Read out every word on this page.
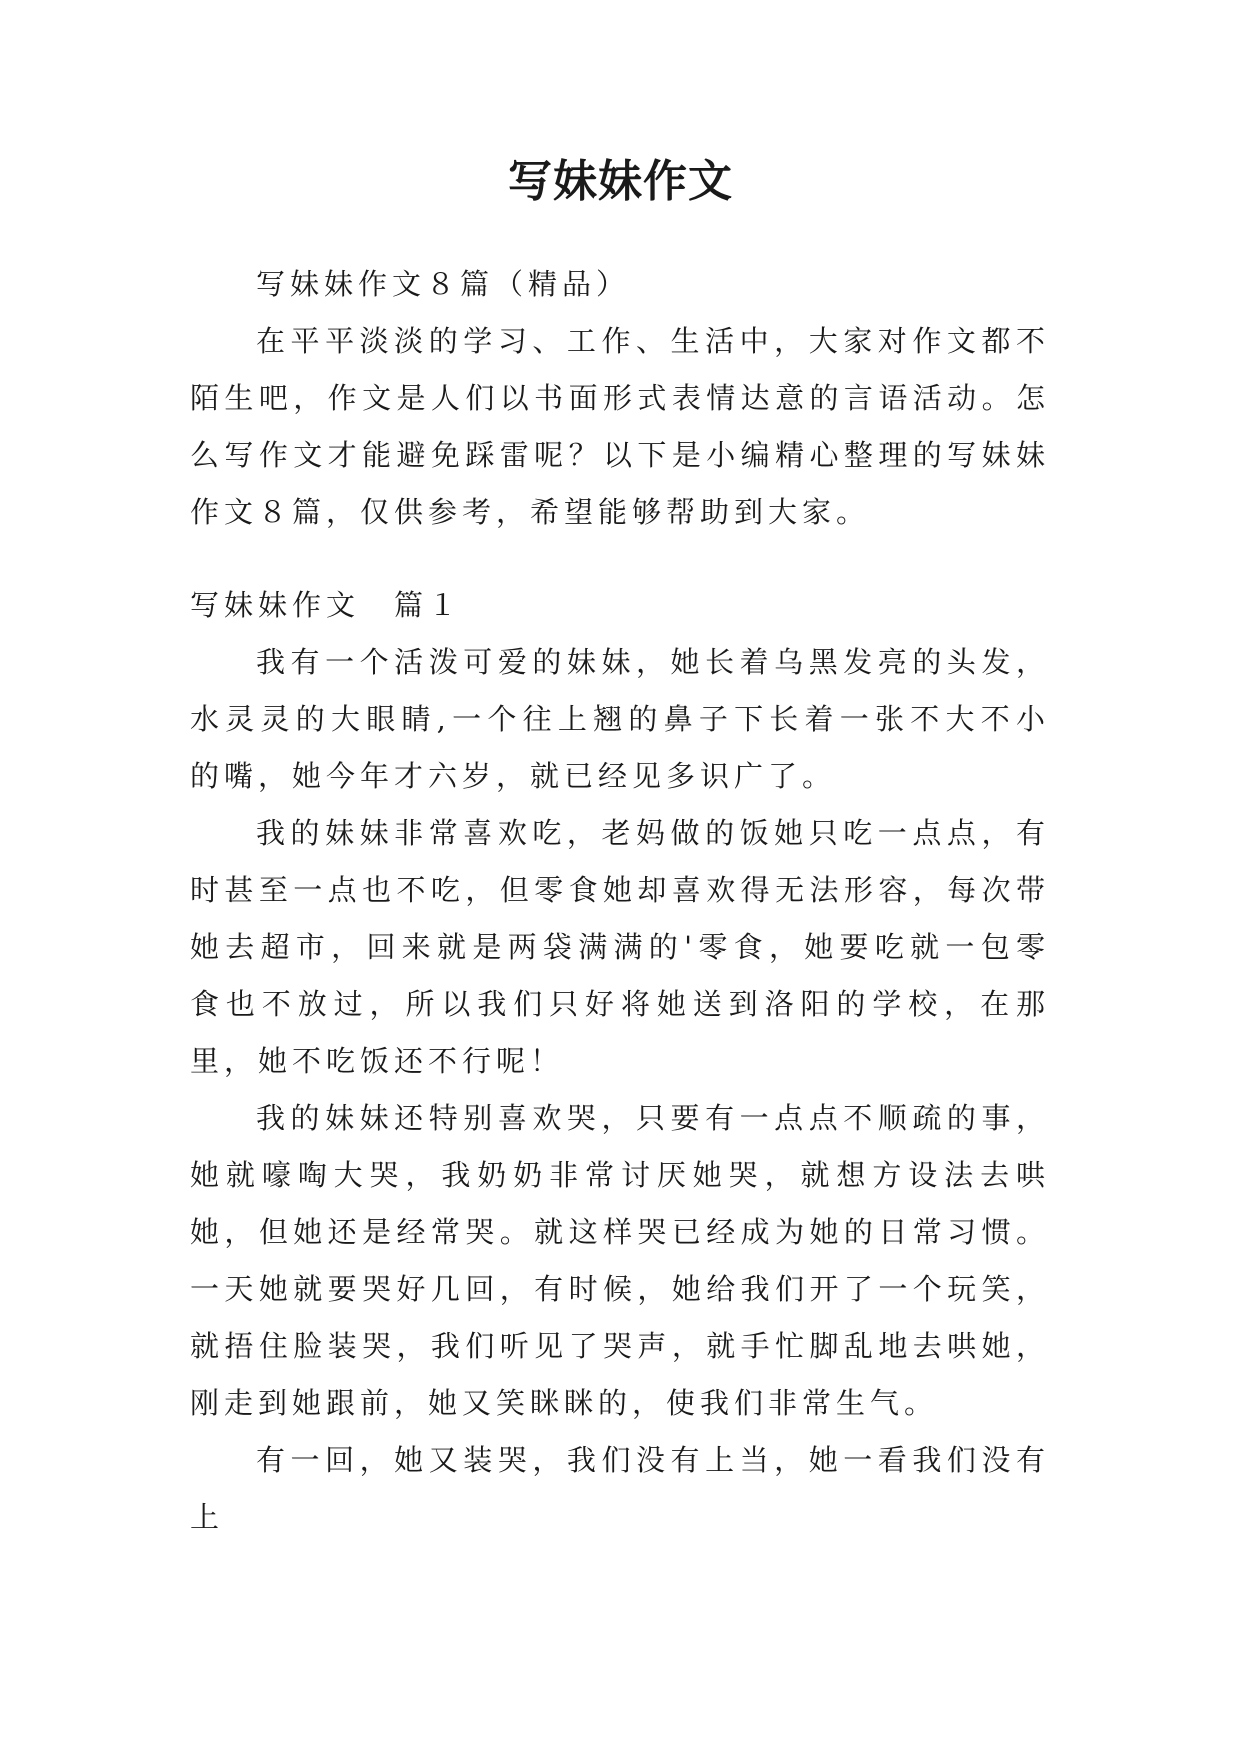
写妹妹作文

写妹妹作文８篇（精品）

在平平淡淡的学习、工作、生活中，大家对作文都不陌生吧，作文是人们以书面形式表情达意的言语活动。怎么写作文才能避免踩雷呢？以下是小编精心整理的写妹妹作文８篇，仅供参考，希望能够帮助到大家。

写妹妹作文　篇１

我有一个活泼可爱的妹妹，她长着乌黑发亮的头发，水灵灵的大眼睛,一个往上翘的鼻子下长着一张不大不小的嘴，她今年才六岁，就已经见多识广了。

我的妹妹非常喜欢吃，老妈做的饭她只吃一点点，有时甚至一点也不吃，但零食她却喜欢得无法形容，每次带她去超市，回来就是两袋满满的'零食，她要吃就一包零食也不放过，所以我们只好将她送到洛阳的学校，在那里，她不吃饭还不行呢！

我的妹妹还特别喜欢哭，只要有一点点不顺疏的事，她就嚎啕大哭，我奶奶非常讨厌她哭，就想方设法去哄她，但她还是经常哭。就这样哭已经成为她的日常习惯。一天她就要哭好几回，有时候，她给我们开了一个玩笑，就捂住脸装哭，我们听见了哭声，就手忙脚乱地去哄她，刚走到她跟前，她又笑眯眯的，使我们非常生气。

有一回，她又装哭，我们没有上当，她一看我们没有上
